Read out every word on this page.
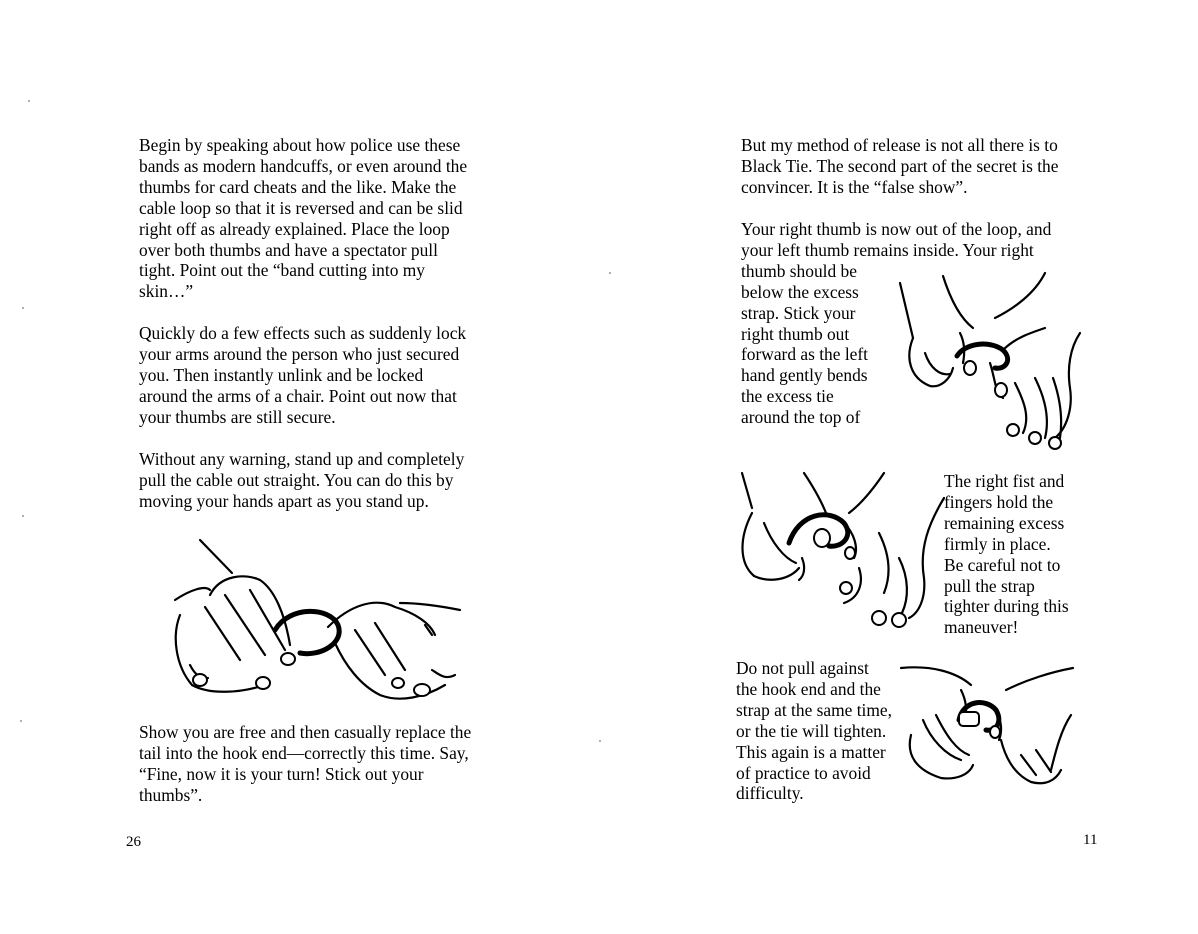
Begin by speaking about how police use these
bands as modern handcuffs, or even around the
thumbs for card cheats and the like. Make the
cable loop so that it is reversed and can be slid
right off as already explained. Place the loop
over both thumbs and have a spectator pull
tight. Point out the “band cutting into my
skin…”
Quickly do a few effects such as suddenly lock
your arms around the person who just secured
you. Then instantly unlink and be locked
around the arms of a chair. Point out now that
your thumbs are still secure.
Without any warning, stand up and completely
pull the cable out straight. You can do this by
moving your hands apart as you stand up.
Show you are free and then casually replace the
tail into the hook end—correctly this time. Say,
“Fine, now it is your turn! Stick out your
thumbs”.
26
But my method of release is not all there is to
Black Tie. The second part of the secret is the
convincer. It is the “false show”.
Your right thumb is now out of the loop, and
your left thumb remains inside. Your right
thumb should be
below the excess
strap. Stick your
right thumb out
forward as the left
hand gently bends
the excess tie
around the top of
The right fist and
fingers hold the
remaining excess
firmly in place.
Be careful not to
pull the strap
tighter during this
maneuver!
Do not pull against
the hook end and the
strap at the same time,
or the tie will tighten.
This again is a matter
of practice to avoid
difficulty.
11
